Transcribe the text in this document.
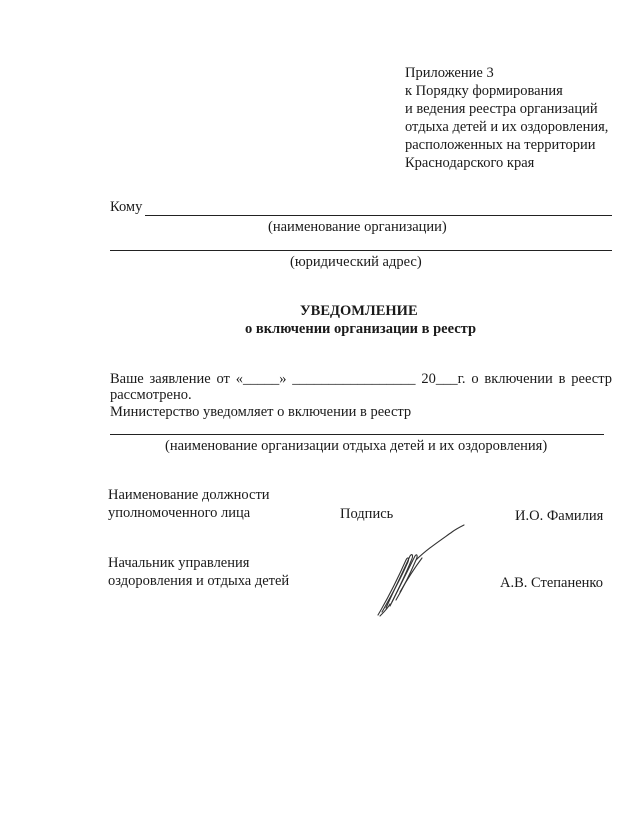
Приложение 3
к Порядку формирования
и ведения реестра организаций
отдыха детей и их оздоровления,
расположенных на территории
Краснодарского края
Кому
(наименование организации)
(юридический адрес)
УВЕДОМЛЕНИЕ
о включении организации в реестр
Ваше заявление от «_____» _________________ 20___г. о включении в реестр
рассмотрено.
Министерство уведомляет о включении в реестр
(наименование организации отдыха детей и их оздоровления)
Наименование должности
уполномоченного лица	Подпись	И.О. Фамилия
Начальник управления
оздоровления и отдыха детей	А.В. Степаненко
